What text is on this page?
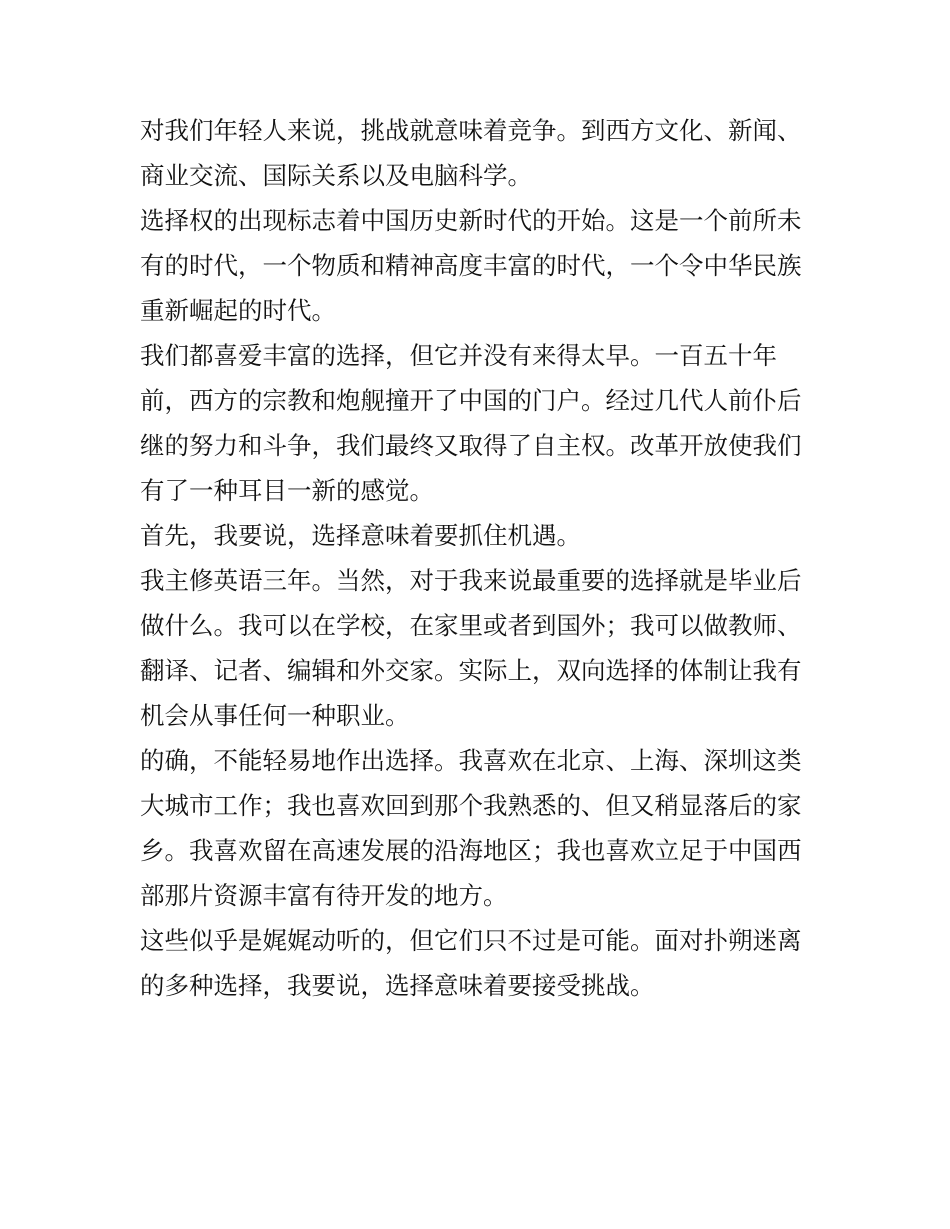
对我们年轻人来说，挑战就意味着竞争。到西方文化、新闻、
商业交流、国际关系以及电脑科学。
选择权的出现标志着中国历史新时代的开始。这是一个前所未
有的时代，一个物质和精神高度丰富的时代，一个令中华民族
重新崛起的时代。
我们都喜爱丰富的选择，但它并没有来得太早。一百五十年
前，西方的宗教和炮舰撞开了中国的门户。经过几代人前仆后
继的努力和斗争，我们最终又取得了自主权。改革开放使我们
有了一种耳目一新的感觉。
首先，我要说，选择意味着要抓住机遇。
我主修英语三年。当然，对于我来说最重要的选择就是毕业后
做什么。我可以在学校，在家里或者到国外；我可以做教师、
翻译、记者、编辑和外交家。实际上，双向选择的体制让我有
机会从事任何一种职业。
的确，不能轻易地作出选择。我喜欢在北京、上海、深圳这类
大城市工作；我也喜欢回到那个我熟悉的、但又稍显落后的家
乡。我喜欢留在高速发展的沿海地区；我也喜欢立足于中国西
部那片资源丰富有待开发的地方。
这些似乎是娓娓动听的，但它们只不过是可能。面对扑朔迷离
的多种选择，我要说，选择意味着要接受挑战。
